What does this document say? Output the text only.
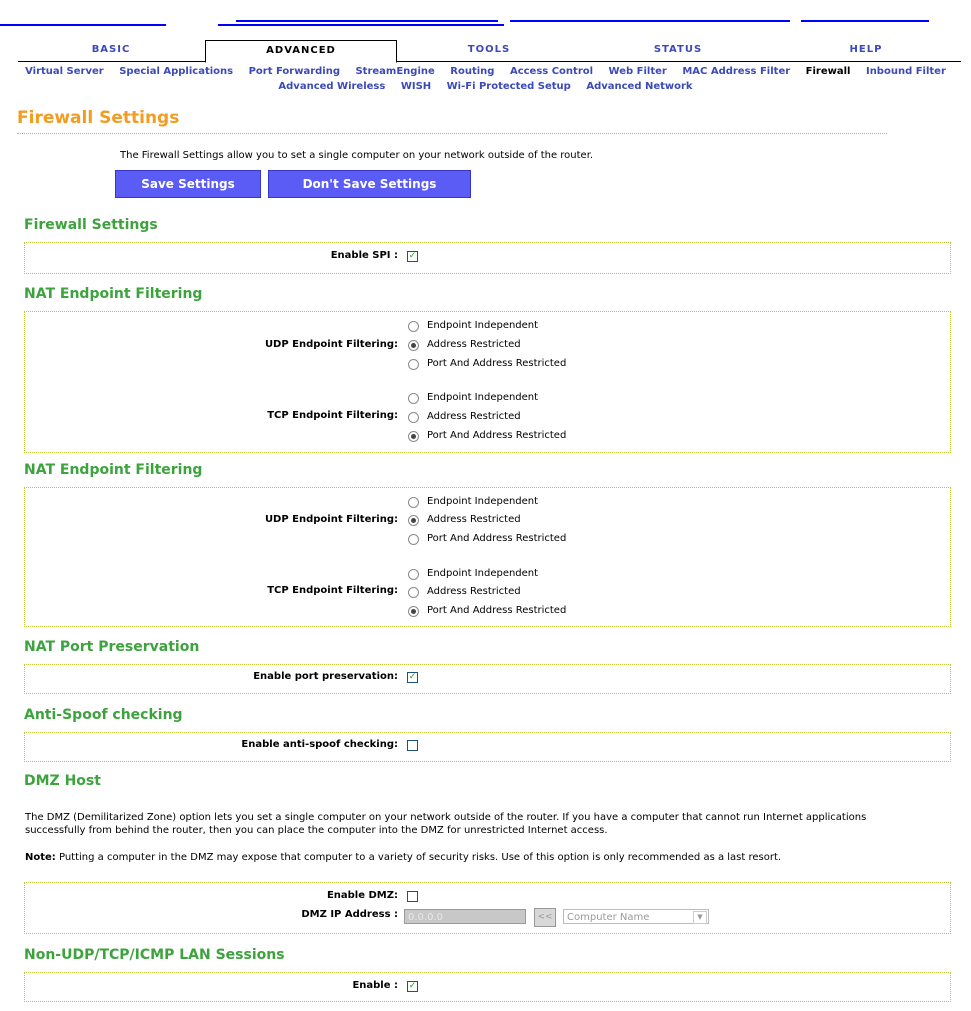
BASIC	ADVANCED	TOOLS	STATUS	HELP
Virtual Server Special Applications Port Forwarding StreamEngine Routing Access Control Web Filter MAC Address Filter Firewall Inbound Filter
Advanced Wireless WISH Wi-Fi Protected Setup Advanced Network
Firewall Settings
The Firewall Settings allow you to set a single computer on your network outside of the router.
Save Settings	Don't Save Settings
Firewall Settings
Enable SPI : ✓
NAT Endpoint Filtering
UDP Endpoint Filtering:
Endpoint Independent
Address Restricted
Port And Address Restricted
TCP Endpoint Filtering:
Endpoint Independent
Address Restricted
Port And Address Restricted
NAT Endpoint Filtering
UDP Endpoint Filtering:
Endpoint Independent
Address Restricted
Port And Address Restricted
TCP Endpoint Filtering:
Endpoint Independent
Address Restricted
Port And Address Restricted
NAT Port Preservation
Enable port preservation: ✓
Anti-Spoof checking
Enable anti-spoof checking:
DMZ Host
The DMZ (Demilitarized Zone) option lets you set a single computer on your network outside of the router. If you have a computer that cannot run Internet applications
successfully from behind the router, then you can place the computer into the DMZ for unrestricted Internet access.
Note: Putting a computer in the DMZ may expose that computer to a variety of security risks. Use of this option is only recommended as a last resort.
Enable DMZ:
DMZ IP Address :	0.0.0.0	<<	Computer Name	▼
Non-UDP/TCP/ICMP LAN Sessions
Enable : ✓
